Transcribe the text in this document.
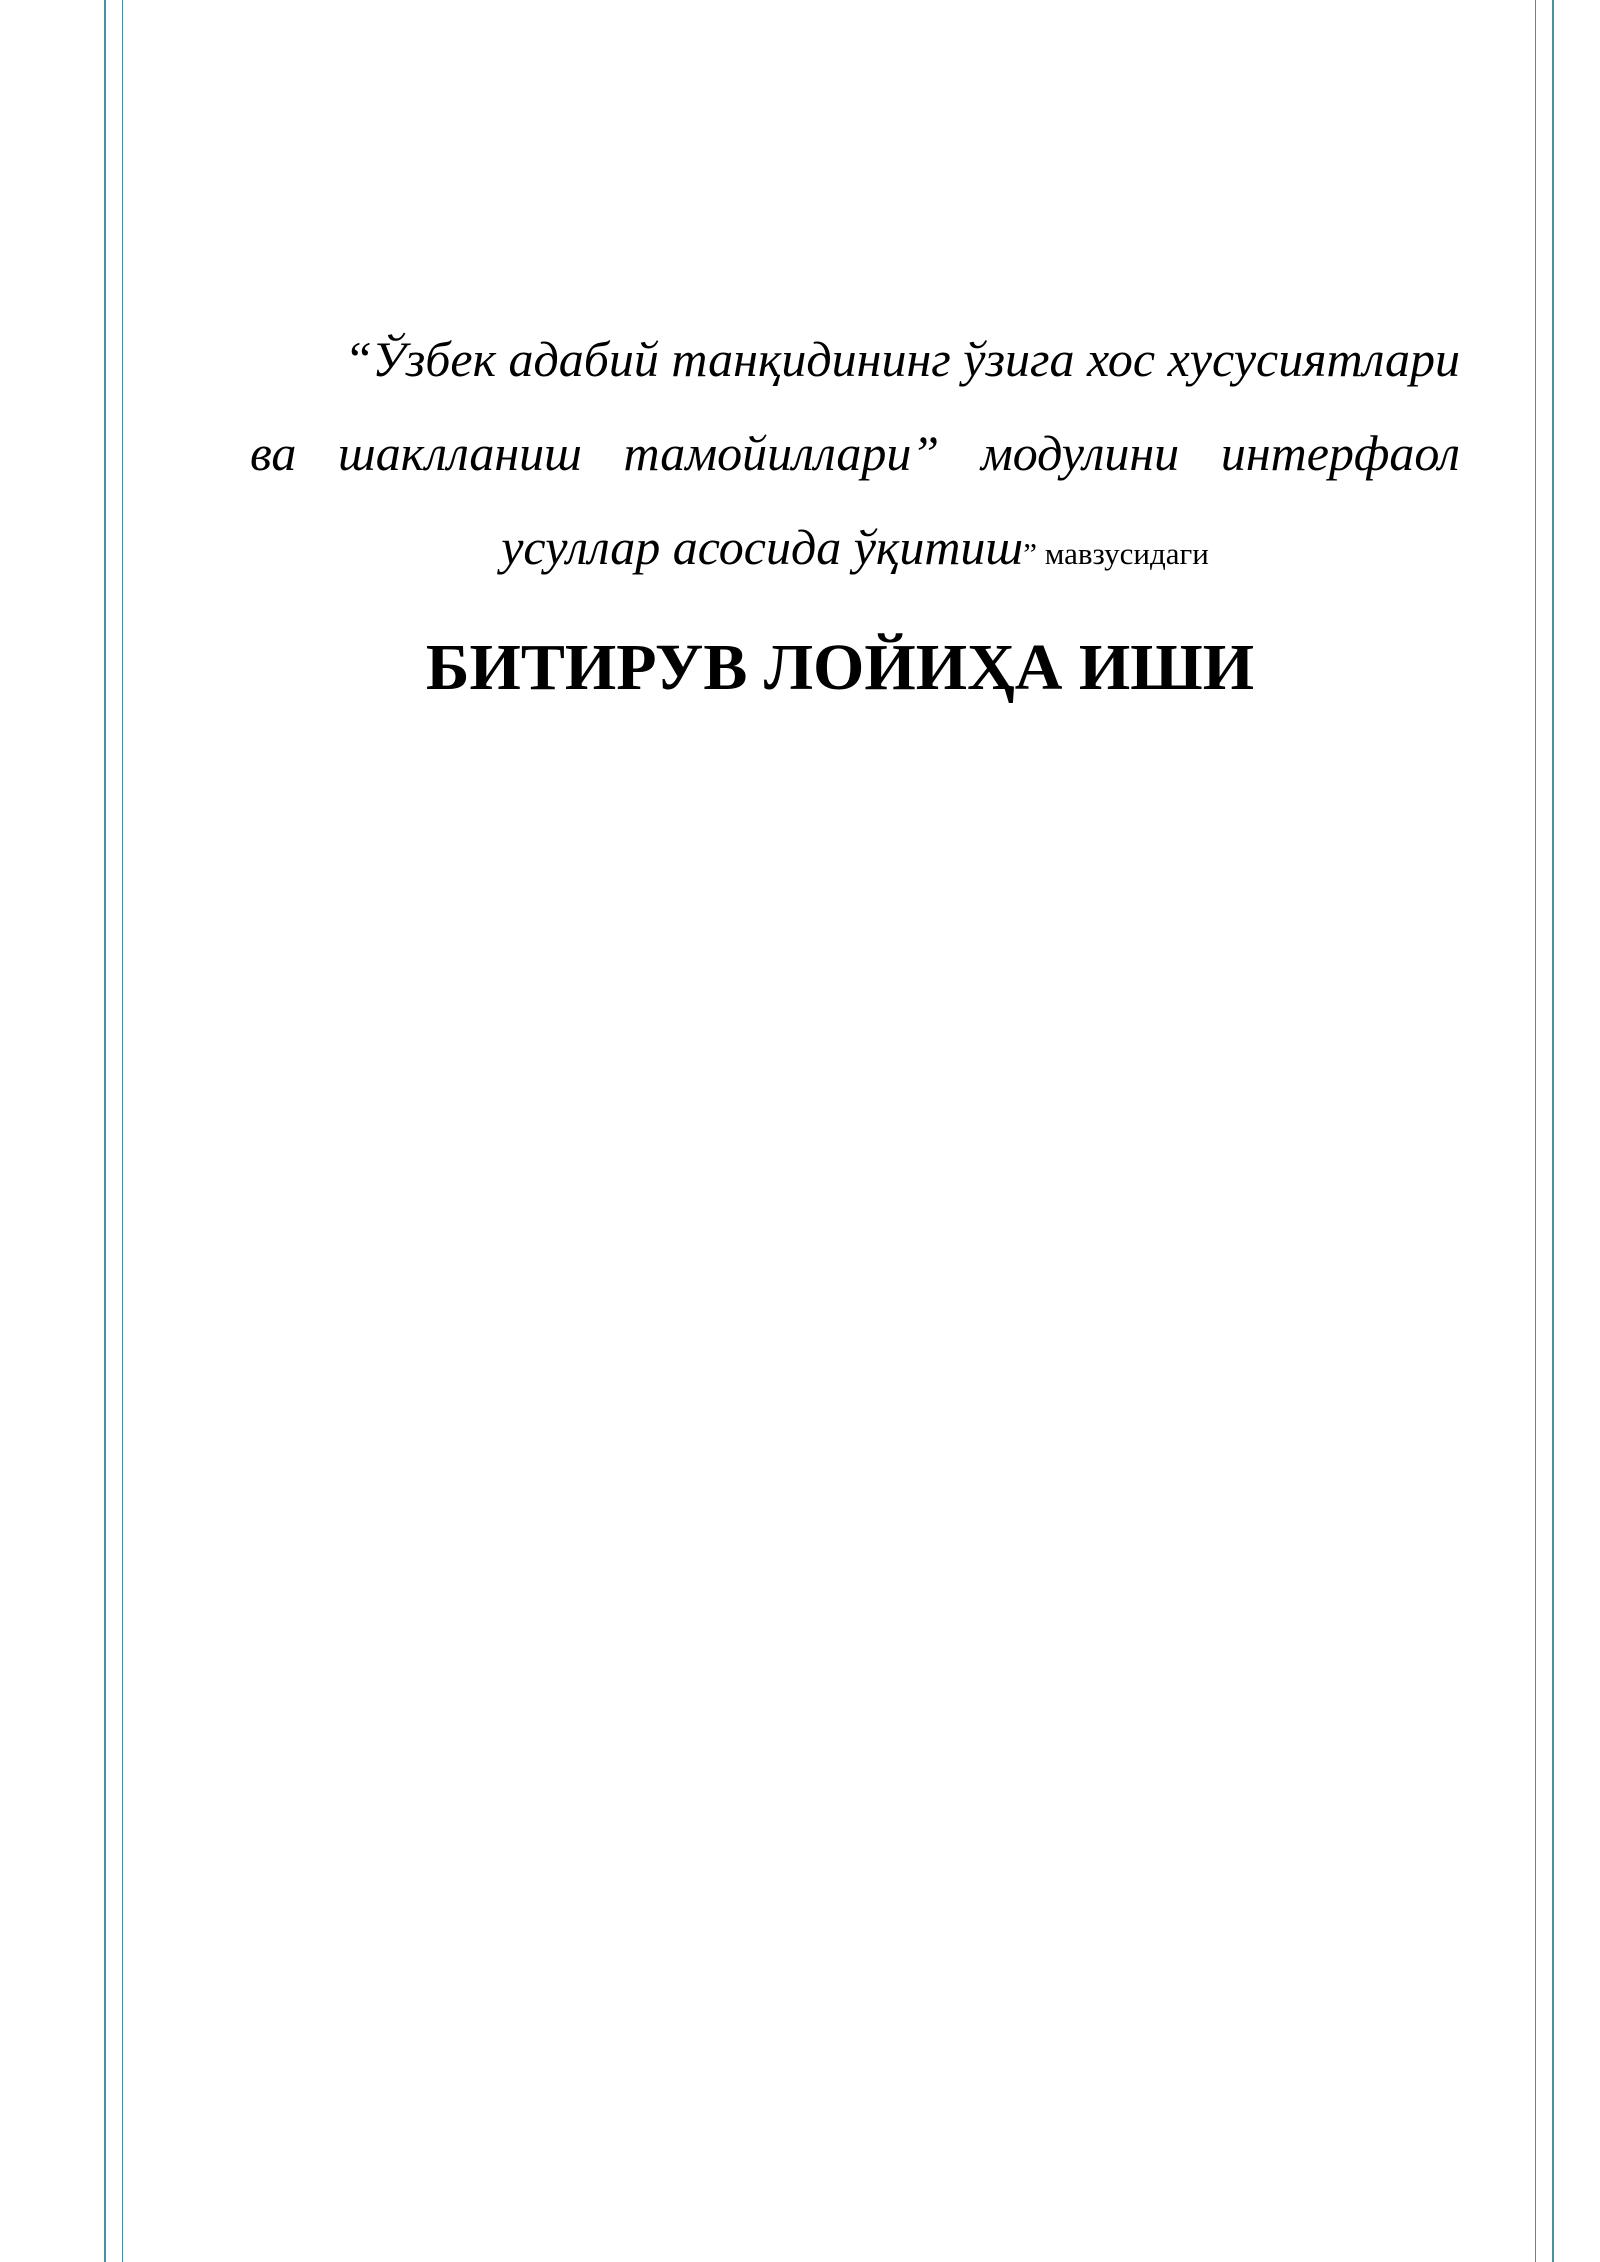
“Ўзбек адабий танқидининг ўзига хос хусусиятлари
ва шаклланиш тамойиллари” модулини интерфаол
усуллар асосида ўқитиш” мавзусидаги
БИТИРУВ ЛОЙИҲА ИШИ
